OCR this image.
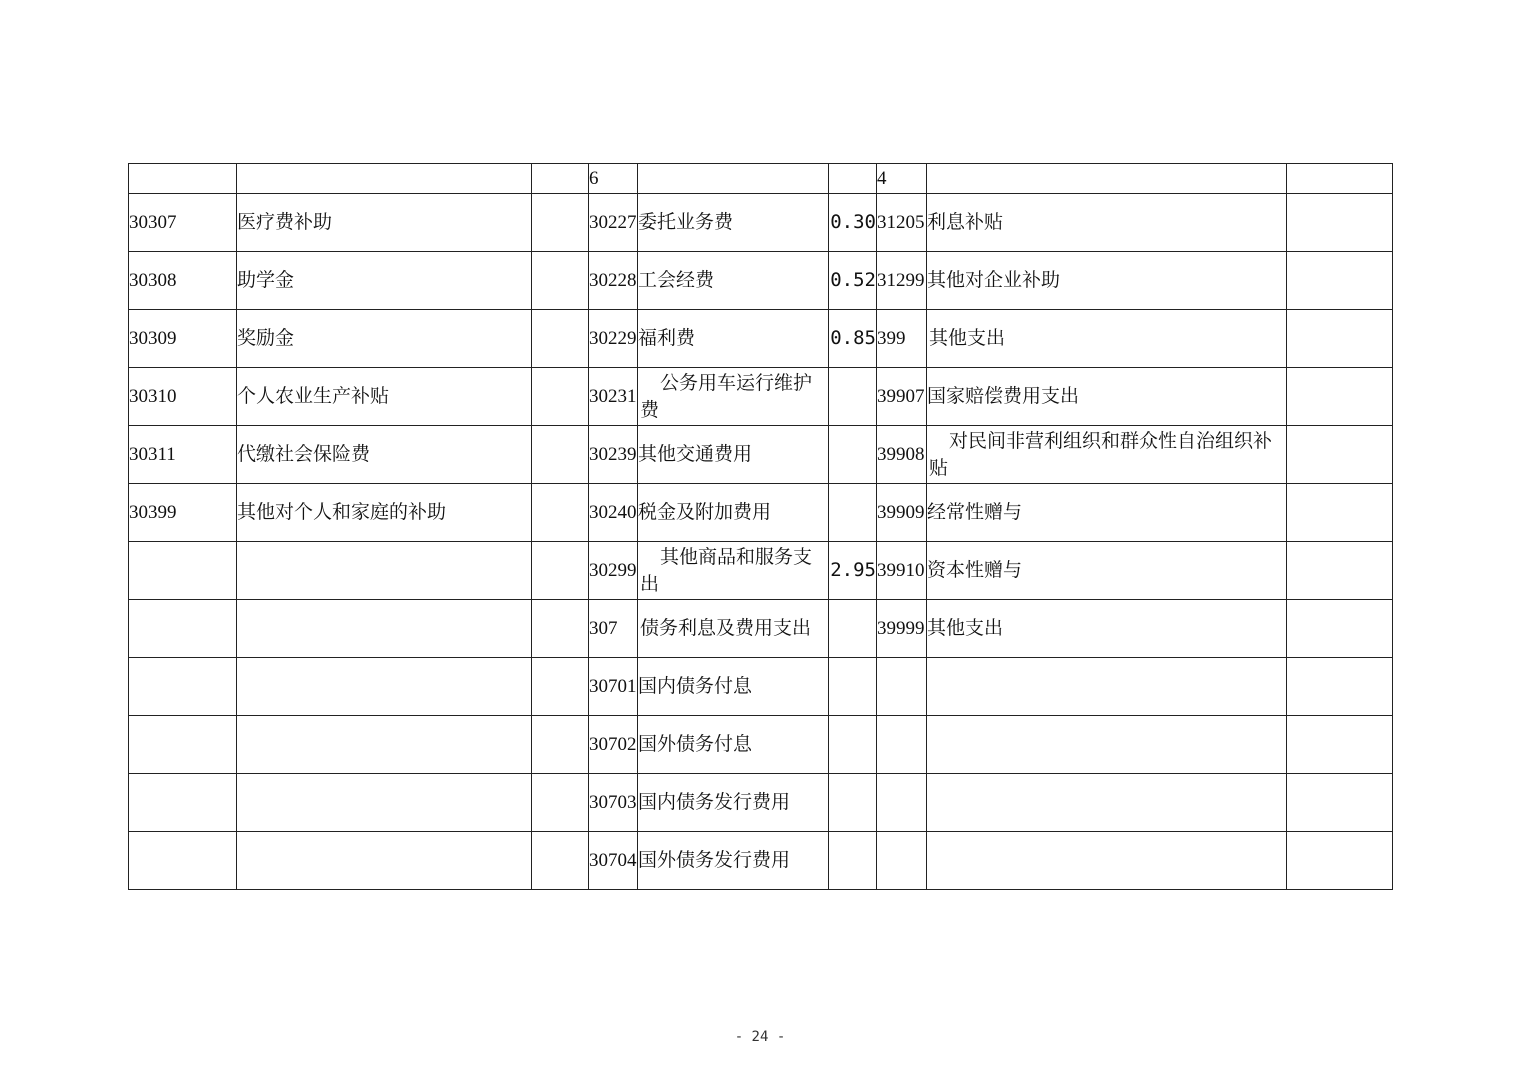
			6			4		
30307	医疗费补助		30227	委托业务费	0.30	31205	利息补贴	
30308	助学金		30228	工会经费	0.52	31299	其他对企业补助	
30309	奖励金		30229	福利费	0.85	399	其他支出	
30310	个人农业生产补贴		30231	公务用车运行维护费		39907	国家赔偿费用支出	
30311	代缴社会保险费		30239	其他交通费用		39908	对民间非营利组织和群众性自治组织补贴	
30399	其他对个人和家庭的补助		30240	税金及附加费用		39909	经常性赠与	
			30299	其他商品和服务支出	2.95	39910	资本性赠与	
			307	债务利息及费用支出		39999	其他支出	
			30701	国内债务付息				
			30702	国外债务付息				
			30703	国内债务发行费用				
			30704	国外债务发行费用				
- 24 -
